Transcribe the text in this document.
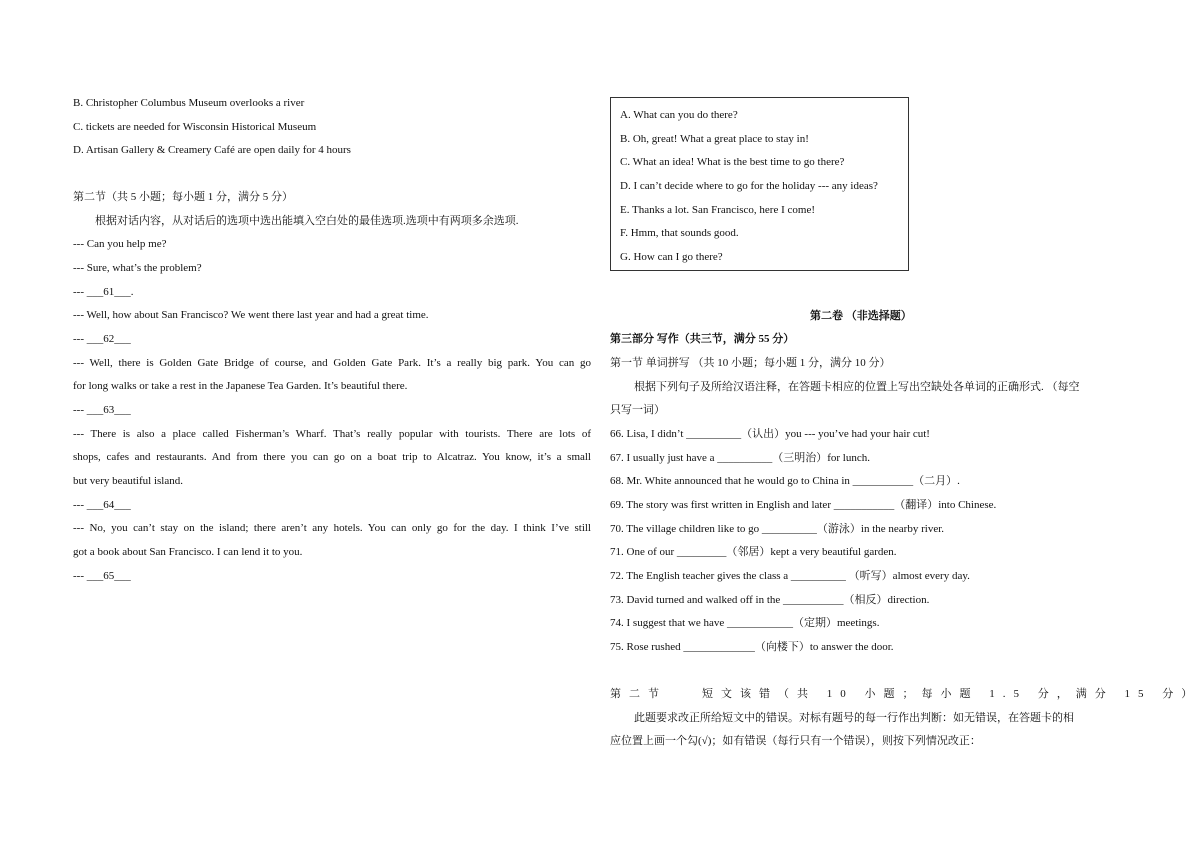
B. Christopher Columbus Museum overlooks a river
C. tickets are needed for Wisconsin Historical Museum
D. Artisan Gallery & Creamery Café are open daily for 4 hours
第二节（共 5 小题；每小题 1 分，满分 5 分）
根据对话内容，从对话后的选项中选出能填入空白处的最佳选项.选项中有两项多余选项.
--- Can you help me?
--- Sure, what’s the problem?
--- ___61___.
--- Well, how about San Francisco? We went there last year and had a great time.
--- ___62___
--- Well, there is Golden Gate Bridge of course, and Golden Gate Park. It’s a really big park. You can go
for long walks or take a rest in the Japanese Tea Garden. It’s beautiful there.
--- ___63___
--- There is also a place called Fisherman’s Wharf. That’s really popular with tourists. There are lots of
shops, cafes and restaurants. And from there you can go on a boat trip to Alcatraz. You know, it’s a small
but very beautiful island.
--- ___64___
--- No, you can’t stay on the island; there aren’t any hotels. You can only go for the day. I think I’ve still
got a book about San Francisco. I can lend it to you.
--- ___65___
A. What can you do there?
B. Oh, great! What a great place to stay in!
C. What an idea! What is the best time to go there?
D. I can’t decide where to go for the holiday --- any ideas?
E. Thanks a lot. San Francisco, here I come!
F. Hmm, that sounds good.
G. How can I go there?
第二卷 （非选择题）
第三部分 写作（共三节，满分 55 分）
第一节 单词拼写 （共 10 小题；每小题 1 分，满分 10 分）
根据下列句子及所给汉语注释，在答题卡相应的位置上写出空缺处各单词的正确形式. （每空
只写一词）
66. Lisa, I didn’t __________（认出）you --- you’ve had your hair cut!
67. I usually just have a __________（三明治）for lunch.
68. Mr. White announced that he would go to China in ___________（二月）.
69. The story was first written in English and later ___________（翻译）into Chinese.
70. The village children like to go __________（游泳）in the nearby river.
71. One of our _________（邻居）kept a very beautiful garden.
72. The English teacher gives the class a __________ （听写）almost every day.
73. David turned and walked off in the ___________（相反）direction.
74. I suggest that we have ____________（定期）meetings.
75. Rose rushed _____________（向楼下）to answer the door.
第二节	短文该错（共 10 小题；每小题 1.5 分，满分 15 分）
此题要求改正所给短文中的错误。对标有题号的每一行作出判断：如无错误，在答题卡的相
应位置上画一个勾(√)；如有错误（每行只有一个错误），则按下列情况改正：
